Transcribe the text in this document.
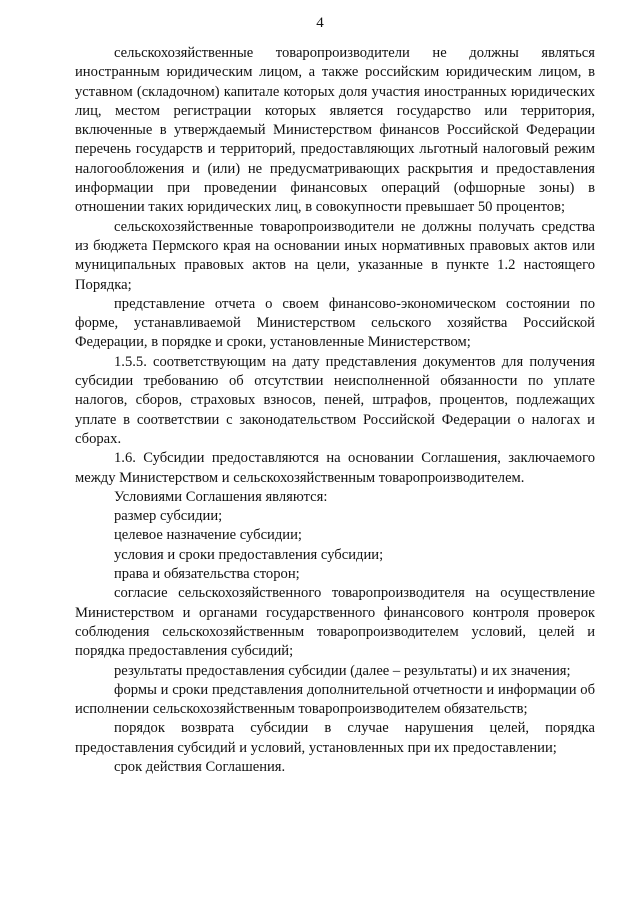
4

сельскохозяйственные товаропроизводители не должны являться иностранным юридическим лицом, а также российским юридическим лицом, в уставном (складочном) капитале которых доля участия иностранных юридических лиц, местом регистрации которых является государство или территория, включенные в утверждаемый Министерством финансов Российской Федерации перечень государств и территорий, предоставляющих льготный налоговый режим налогообложения и (или) не предусматривающих раскрытия и предоставления информации при проведении финансовых операций (офшорные зоны) в отношении таких юридических лиц, в совокупности превышает 50 процентов;

сельскохозяйственные товаропроизводители не должны получать средства из бюджета Пермского края на основании иных нормативных правовых актов или муниципальных правовых актов на цели, указанные в пункте 1.2 настоящего Порядка;

представление отчета о своем финансово-экономическом состоянии по форме, устанавливаемой Министерством сельского хозяйства Российской Федерации, в порядке и сроки, установленные Министерством;

1.5.5. соответствующим на дату представления документов для получения субсидии требованию об отсутствии неисполненной обязанности по уплате налогов, сборов, страховых взносов, пеней, штрафов, процентов, подлежащих уплате в соответствии с законодательством Российской Федерации о налогах и сборах.

1.6. Субсидии предоставляются на основании Соглашения, заключаемого между Министерством и сельскохозяйственным товаропроизводителем.

Условиями Соглашения являются:

размер субсидии;

целевое назначение субсидии;

условия и сроки предоставления субсидии;

права и обязательства сторон;

согласие сельскохозяйственного товаропроизводителя на осуществление Министерством и органами государственного финансового контроля проверок соблюдения сельскохозяйственным товаропроизводителем условий, целей и порядка предоставления субсидий;

результаты предоставления субсидии (далее – результаты) и их значения;

формы и сроки представления дополнительной отчетности и информации об исполнении сельскохозяйственным товаропроизводителем обязательств;

порядок возврата субсидии в случае нарушения целей, порядка предоставления субсидий и условий, установленных при их предоставлении;

срок действия Соглашения.
